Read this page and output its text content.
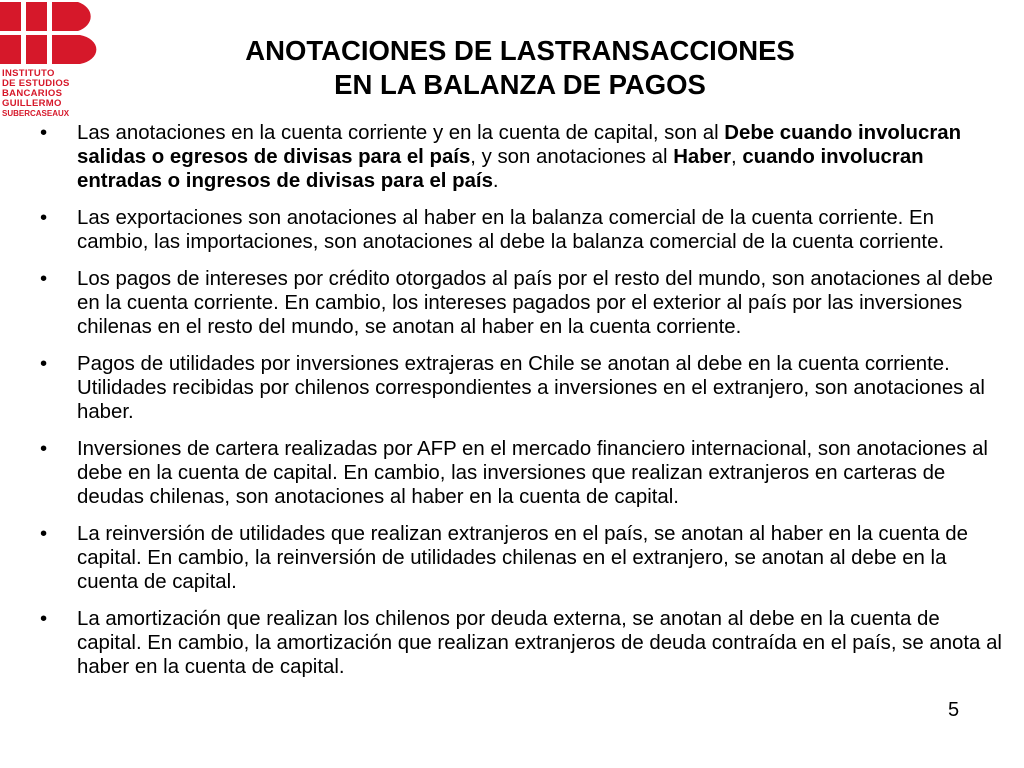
INSTITUTO
DE ESTUDIOS
BANCARIOS
GUILLERMO
SUBERCASEAUX
ANOTACIONES DE LASTRANSACCIONES
EN LA BALANZA DE PAGOS
• Las anotaciones en la cuenta corriente y en la cuenta de capital, son al Debe cuando involucran salidas o egresos de divisas para el país, y son anotaciones al Haber, cuando involucran entradas o ingresos de divisas para el país.
• Las exportaciones son anotaciones al haber en la balanza comercial de la cuenta corriente. En cambio, las importaciones, son anotaciones al debe la balanza comercial de la cuenta corriente.
• Los pagos de intereses por crédito otorgados al país por el resto del mundo, son anotaciones al debe en la cuenta corriente. En cambio, los intereses pagados por el exterior al país por las inversiones chilenas en el resto del mundo, se anotan al haber en la cuenta corriente.
• Pagos de utilidades por inversiones extrajeras en Chile se anotan al debe en la cuenta corriente. Utilidades recibidas por chilenos correspondientes a inversiones en el extranjero, son anotaciones al haber.
• Inversiones de cartera realizadas por AFP en el mercado financiero internacional, son anotaciones al debe en la cuenta de capital. En cambio, las inversiones que realizan extranjeros en carteras de deudas chilenas, son anotaciones al haber en la cuenta de capital.
• La reinversión de utilidades que realizan extranjeros en el país, se anotan al haber en la cuenta de capital. En cambio, la reinversión de utilidades chilenas en el extranjero, se anotan al debe en la cuenta de capital.
• La amortización que realizan los chilenos por deuda externa, se anotan al debe en la cuenta de capital. En cambio, la amortización que realizan extranjeros de deuda contraída en el país, se anota al haber en la cuenta de capital.
5
